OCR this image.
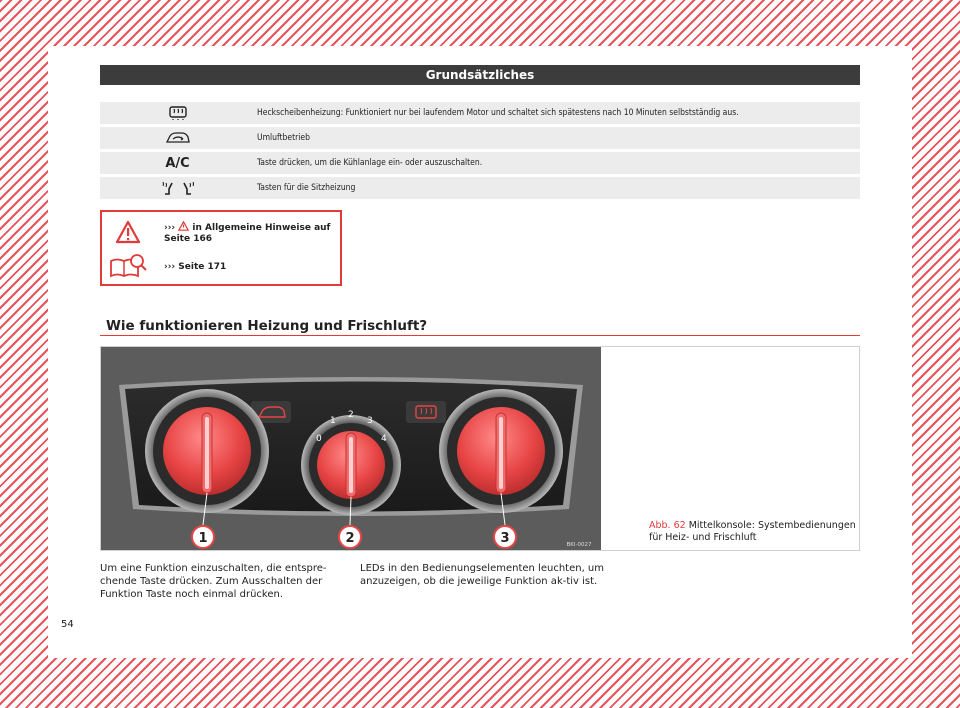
Grundsätzliches
	Heckscheibenheizung: Funktioniert nur bei laufendem Motor und schaltet sich spätestens nach 10 Minuten selbstständig aus.
	Umluftbetrieb
A/C	Taste drücken, um die Kühlanlage ein- oder auszuschalten.
	Tasten für die Sitzheizung
››› in Allgemeine Hinweise auf
Seite 166
››› Seite 171
Wie funktionieren Heizung und Frischluft?
0
1
2
3
4
1	2	3	BKI-0027
Abb. 62 Mittelkonsole: Systembedienungen für Heiz- und Frischluft
Um eine Funktion einzuschalten, die entspre-chende Taste drücken. Zum Ausschalten der Funktion Taste noch einmal drücken.
LEDs in den Bedienungselementen leuchten, um anzuzeigen, ob die jeweilige Funktion ak-tiv ist.
54
